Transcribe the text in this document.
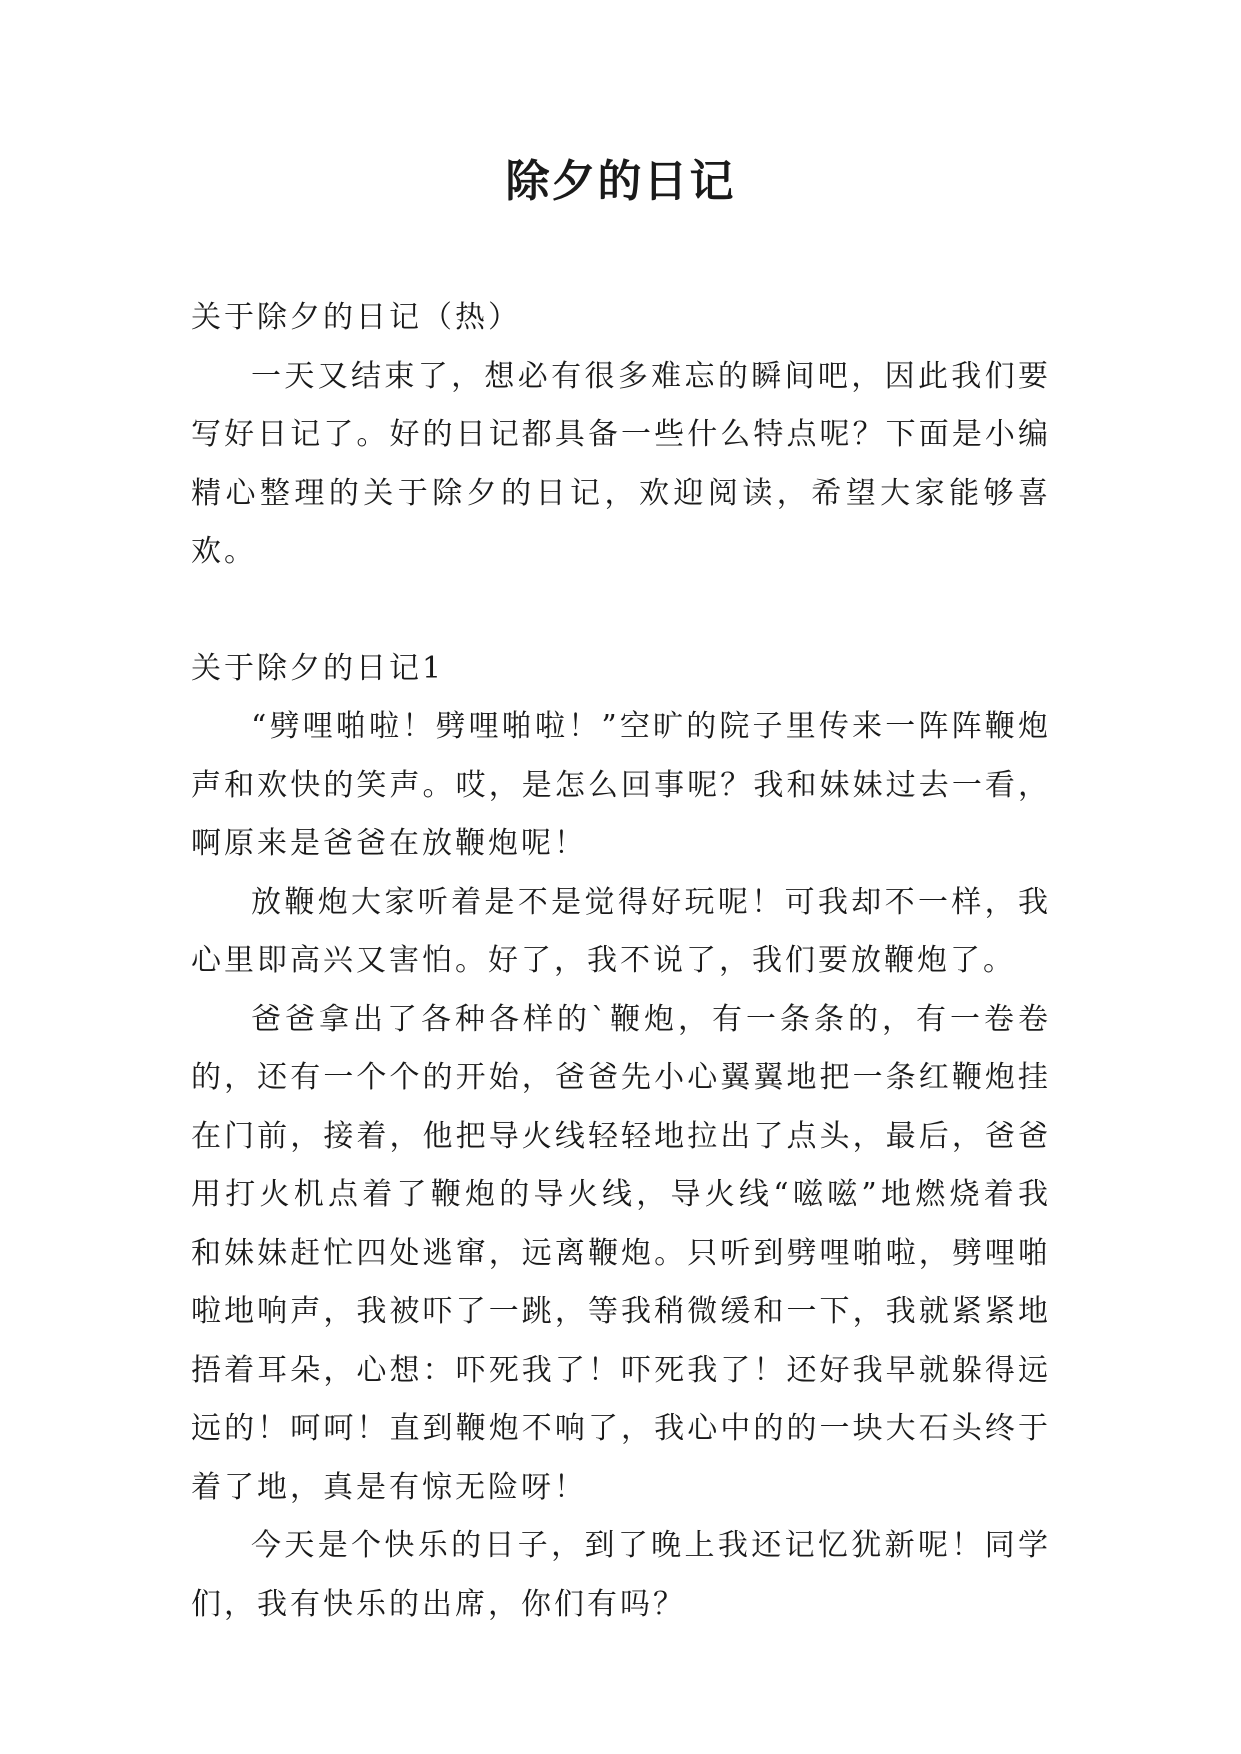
除夕的日记

关于除夕的日记（热）

一天又结束了，想必有很多难忘的瞬间吧，因此我们要写好日记了。好的日记都具备一些什么特点呢？下面是小编精心整理的关于除夕的日记，欢迎阅读，希望大家能够喜欢。

关于除夕的日记1

“劈哩啪啦！劈哩啪啦！”空旷的院子里传来一阵阵鞭炮声和欢快的笑声。哎，是怎么回事呢？我和妹妹过去一看，啊原来是爸爸在放鞭炮呢！

放鞭炮大家听着是不是觉得好玩呢！可我却不一样，我心里即高兴又害怕。好了，我不说了，我们要放鞭炮了。

爸爸拿出了各种各样的`鞭炮，有一条条的，有一卷卷的，还有一个个的开始，爸爸先小心翼翼地把一条红鞭炮挂在门前，接着，他把导火线轻轻地拉出了点头，最后，爸爸用打火机点着了鞭炮的导火线，导火线“嗞嗞”地燃烧着我和妹妹赶忙四处逃窜，远离鞭炮。只听到劈哩啪啦，劈哩啪啦地响声，我被吓了一跳，等我稍微缓和一下，我就紧紧地捂着耳朵，心想：吓死我了！吓死我了！还好我早就躲得远远的！呵呵！直到鞭炮不响了，我心中的的一块大石头终于着了地，真是有惊无险呀！

今天是个快乐的日子，到了晚上我还记忆犹新呢！同学们，我有快乐的出席，你们有吗？
